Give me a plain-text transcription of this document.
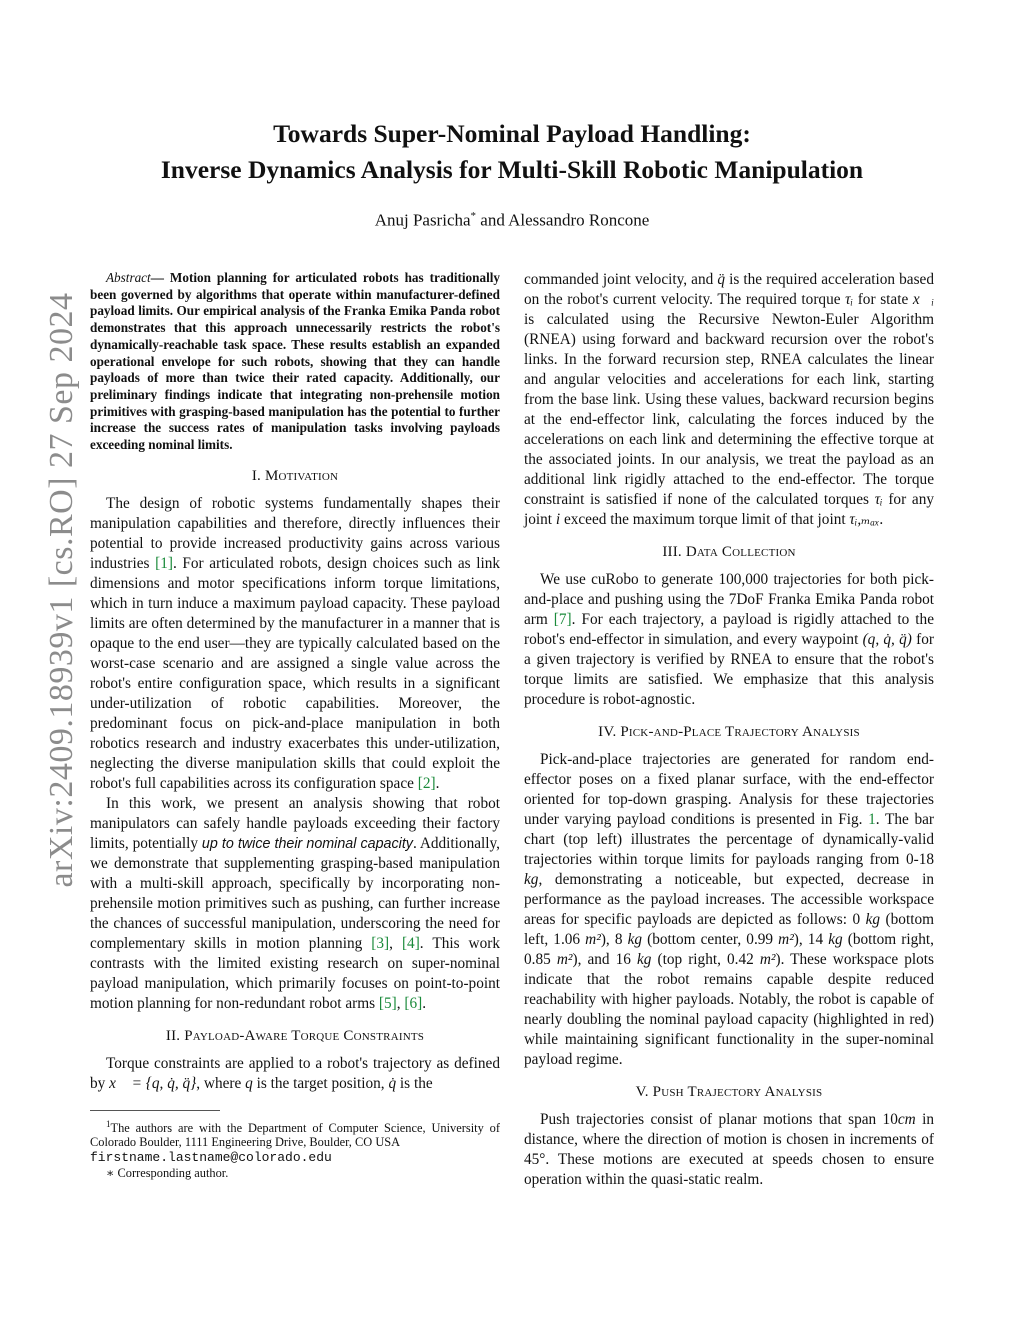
arXiv:2409.18939v1 [cs.RO] 27 Sep 2024
Towards Super-Nominal Payload Handling:
Inverse Dynamics Analysis for Multi-Skill Robotic Manipulation
Anuj Pasricha* and Alessandro Roncone

Abstract— Motion planning for articulated robots has traditionally been governed by algorithms that operate within manufacturer-defined payload limits. Our empirical analysis of the Franka Emika Panda robot demonstrates that this approach unnecessarily restricts the robot's dynamically-reachable task space. These results establish an expanded operational envelope for such robots, showing that they can handle payloads of more than twice their rated capacity. Additionally, our preliminary findings indicate that integrating non-prehensile motion primitives with grasping-based manipulation has the potential to further increase the success rates of manipulation tasks involving payloads exceeding nominal limits.

I. Motivation

The design of robotic systems fundamentally shapes their manipulation capabilities and therefore, directly influences their potential to provide increased productivity gains across various industries [1]. For articulated robots, design choices such as link dimensions and motor specifications inform torque limitations, which in turn induce a maximum payload capacity. These payload limits are often determined by the manufacturer in a manner that is opaque to the end user—they are typically calculated based on the worst-case scenario and are assigned a single value across the robot's entire configuration space, which results in a significant under-utilization of robotic capabilities. Moreover, the predominant focus on pick-and-place manipulation in both robotics research and industry exacerbates this under-utilization, neglecting the diverse manipulation skills that could exploit the robot's full capabilities across its configuration space [2].

In this work, we present an analysis showing that robot manipulators can safely handle payloads exceeding their factory limits, potentially up to twice their nominal capacity. Additionally, we demonstrate that supplementing grasping-based manipulation with a multi-skill approach, specifically by incorporating non-prehensile motion primitives such as pushing, can further increase the chances of successful manipulation, underscoring the need for complementary skills in motion planning [3], [4]. This work contrasts with the limited existing research on super-nominal payload manipulation, which primarily focuses on point-to-point motion planning for non-redundant robot arms [5], [6].

II. Payload-Aware Torque Constraints

Torque constraints are applied to a robot's trajectory as defined by x⃗ = {q, q̇, q̈}, where q is the target position, q̇ is the

$^1$The authors are with the Department of Computer Science, University of Colorado Boulder, 1111 Engineering Drive, Boulder, CO USA
firstname.lastname@colorado.edu

∗ Corresponding author.

commanded joint velocity, and q̈ is the required acceleration based on the robot's current velocity. The required torque τᵢ for state x⃗ᵢ is calculated using the Recursive Newton-Euler Algorithm (RNEA) using forward and backward recursion over the robot's links. In the forward recursion step, RNEA calculates the linear and angular velocities and accelerations for each link, starting from the base link. Using these values, backward recursion begins at the end-effector link, calculating the forces induced by the accelerations on each link and determining the effective torque at the associated joints. In our analysis, we treat the payload as an additional link rigidly attached to the end-effector. The torque constraint is satisfied if none of the calculated torques τᵢ for any joint i exceed the maximum torque limit of that joint τᵢ,ₘₐₓ.

III. Data Collection

We use cuRobo to generate 100,000 trajectories for both pick-and-place and pushing using the 7DoF Franka Emika Panda robot arm [7]. For each trajectory, a payload is rigidly attached to the robot's end-effector in simulation, and every waypoint (q, q̇, q̈) for a given trajectory is verified by RNEA to ensure that the robot's torque limits are satisfied. We emphasize that this analysis procedure is robot-agnostic.

IV. Pick-and-Place Trajectory Analysis

Pick-and-place trajectories are generated for random end-effector poses on a fixed planar surface, with the end-effector oriented for top-down grasping. Analysis for these trajectories under varying payload conditions is presented in Fig. 1. The bar chart (top left) illustrates the percentage of dynamically-valid trajectories within torque limits for payloads ranging from 0-18 kg, demonstrating a noticeable, but expected, decrease in performance as the payload increases. The accessible workspace areas for specific payloads are depicted as follows: 0 kg (bottom left, 1.06 m²), 8 kg (bottom center, 0.99 m²), 14 kg (bottom right, 0.85 m²), and 16 kg (top right, 0.42 m²). These workspace plots indicate that the robot remains capable despite reduced reachability with higher payloads. Notably, the robot is capable of nearly doubling the nominal payload capacity (highlighted in red) while maintaining significant functionality in the super-nominal payload regime.

V. Push Trajectory Analysis

Push trajectories consist of planar motions that span 10cm in distance, where the direction of motion is chosen in increments of 45°. These motions are executed at speeds chosen to ensure operation within the quasi-static realm.
